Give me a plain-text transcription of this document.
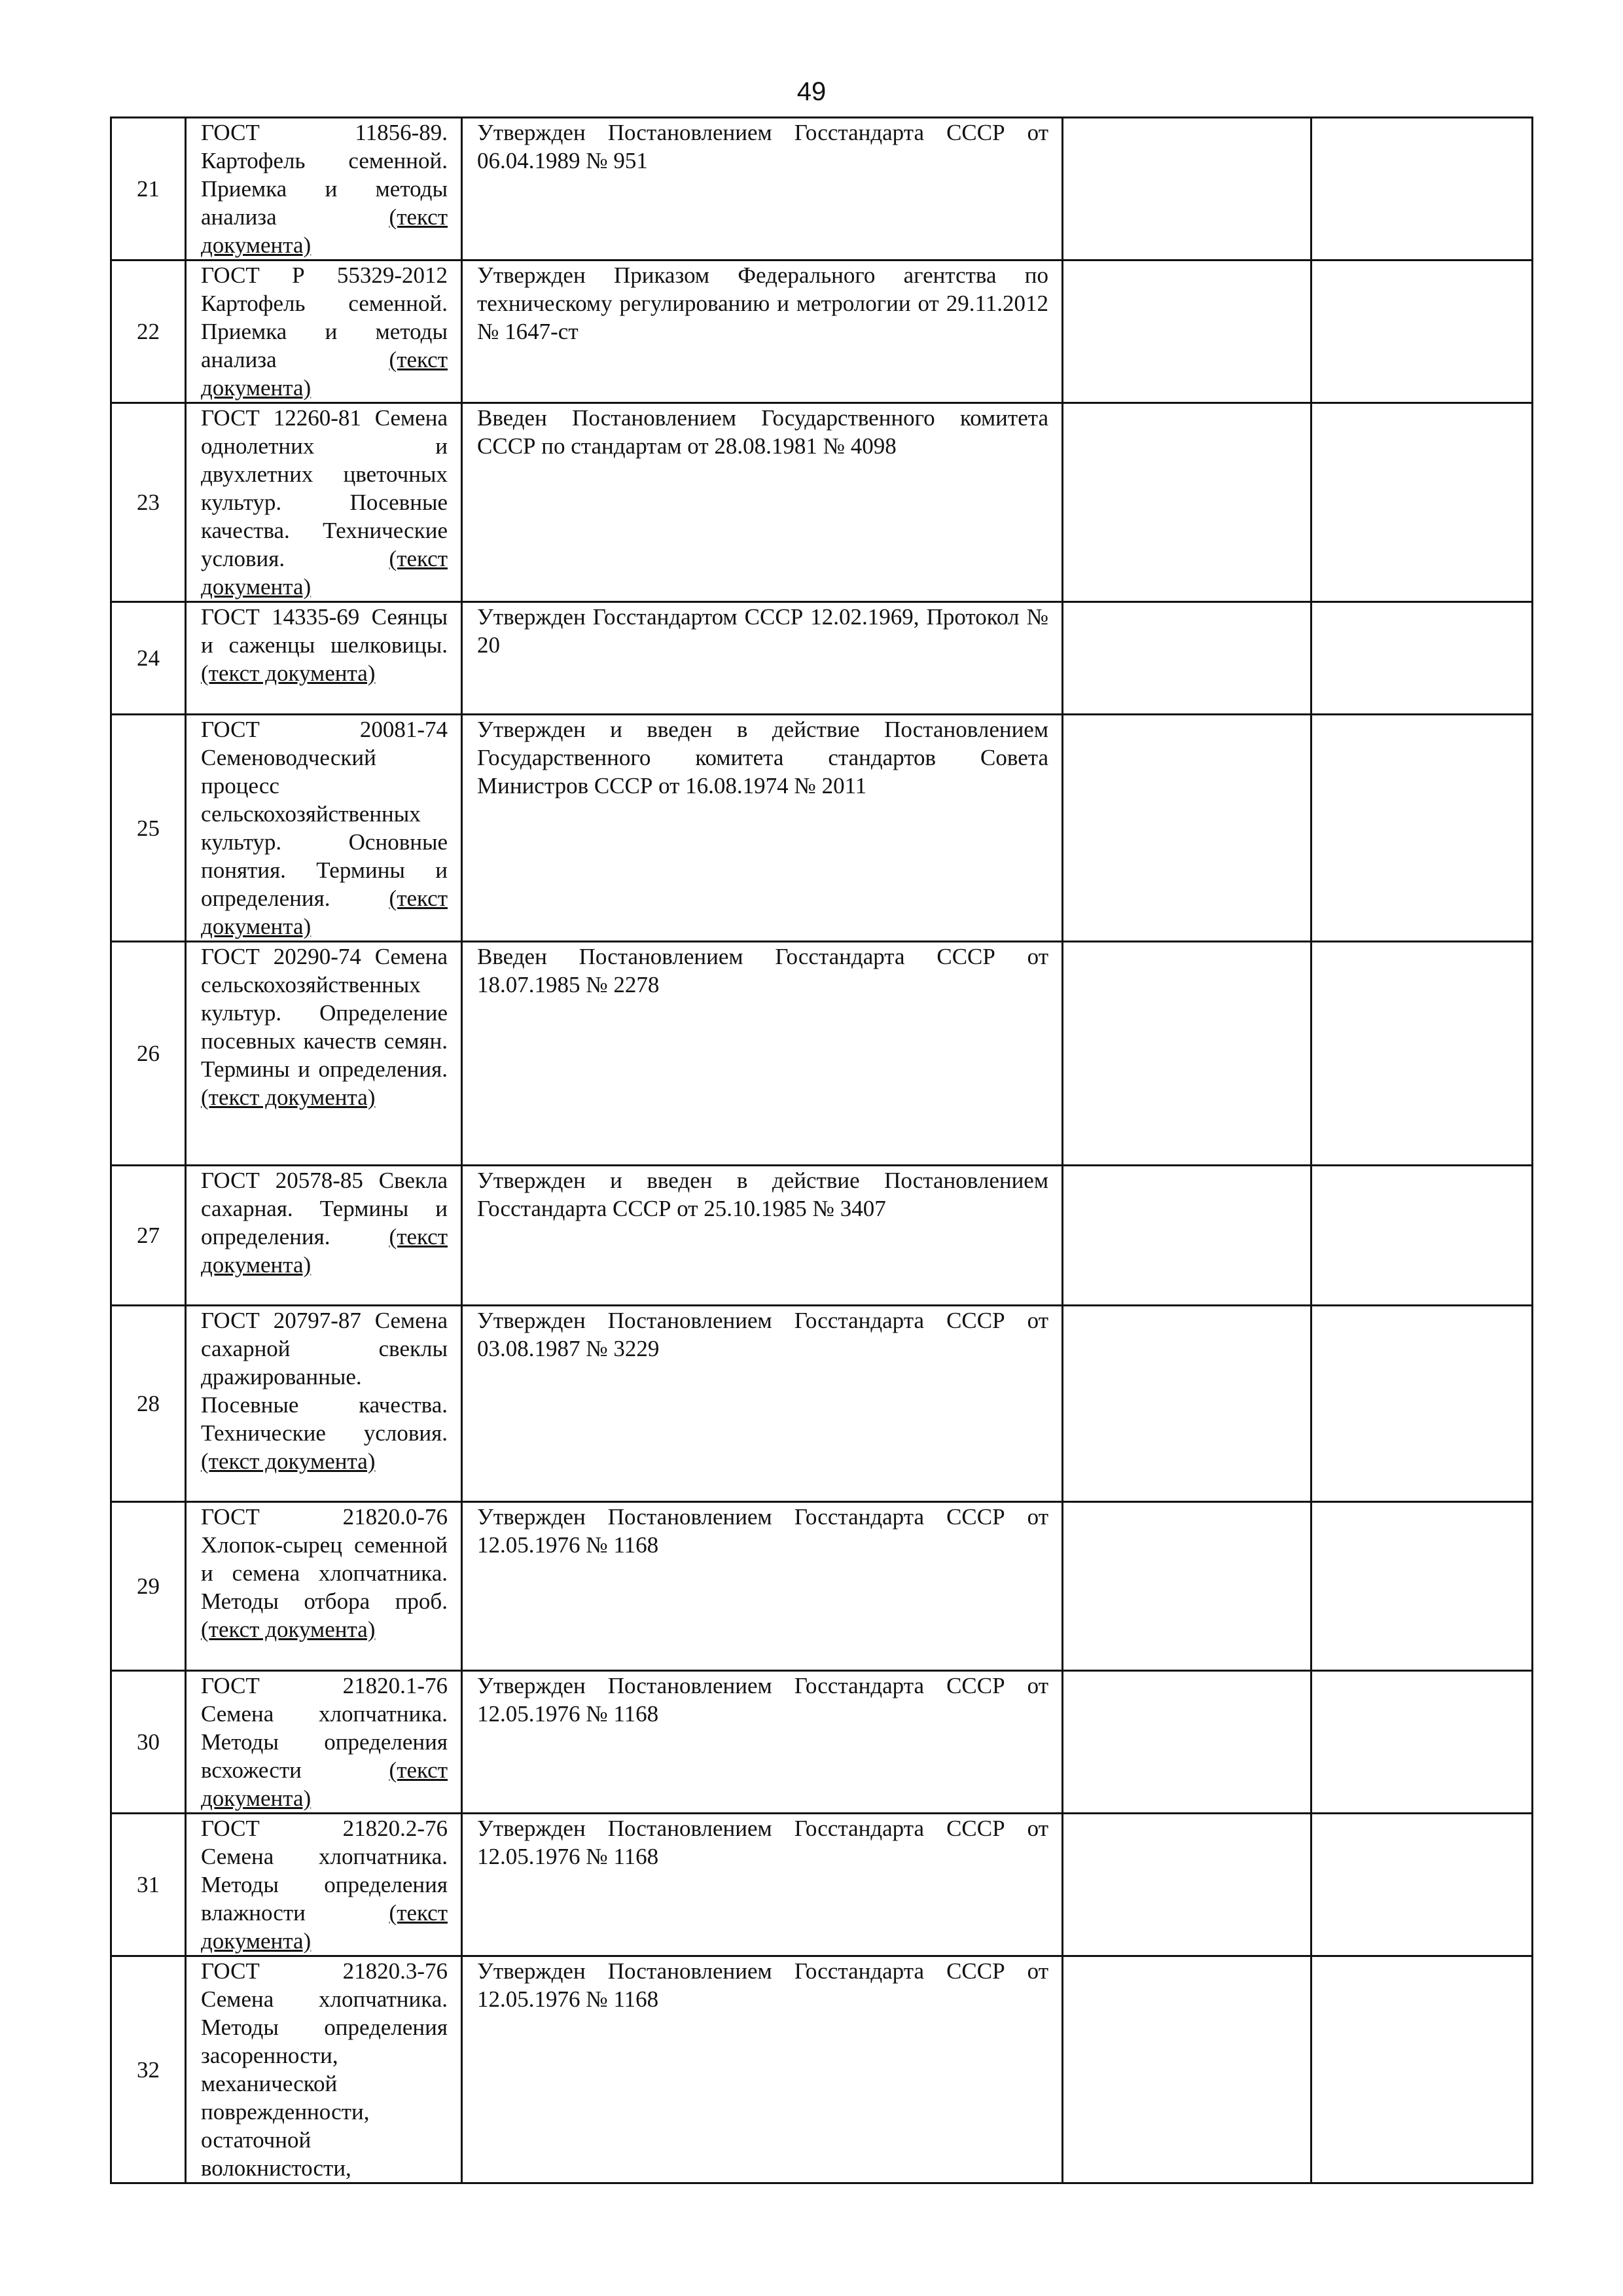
49
21	ГОСТ 11856-89. Картофель семенной. Приемка и методы анализа (текст документа)	Утвержден Постановлением Госстандарта СССР от 06.04.1989 № 951		
22	ГОСТ Р 55329-2012 Картофель семенной. Приемка и методы анализа (текст документа)	Утвержден Приказом Федерального агентства по техническому регулированию и метрологии от 29.11.2012 № 1647-ст		
23	ГОСТ 12260-81 Семена однолетних и двухлетних цветочных культур. Посевные качества. Технические условия. (текст документа)	Введен Постановлением Государственного комитета СССР по стандартам от 28.08.1981 № 4098		
24	ГОСТ 14335-69 Сеянцы и саженцы шелковицы. (текст документа)	Утвержден Госстандартом СССР 12.02.1969, Протокол № 20		
25	ГОСТ 20081-74 Семеноводческий процесс сельскохозяйственных культур. Основные понятия. Термины и определения. (текст документа)	Утвержден и введен в действие Постановлением Государственного комитета стандартов Совета Министров СССР от 16.08.1974 № 2011		
26	ГОСТ 20290-74 Семена сельскохозяйственных культур. Определение посевных качеств семян. Термины и определения. (текст документа)	Введен Постановлением Госстандарта СССР от 18.07.1985 № 2278		
27	ГОСТ 20578-85 Свекла сахарная. Термины и определения. (текст документа)	Утвержден и введен в действие Постановлением Госстандарта СССР от 25.10.1985 № 3407		
28	ГОСТ 20797-87 Семена сахарной свеклы дражированные. Посевные качества. Технические условия. (текст документа)	Утвержден Постановлением Госстандарта СССР от 03.08.1987 № 3229		
29	ГОСТ 21820.0-76 Хлопок-сырец семенной и семена хлопчатника. Методы отбора проб. (текст документа)	Утвержден Постановлением Госстандарта СССР от 12.05.1976 № 1168		
30	ГОСТ 21820.1-76 Семена хлопчатника. Методы определения всхожести (текст документа)	Утвержден Постановлением Госстандарта СССР от 12.05.1976 № 1168		
31	ГОСТ 21820.2-76 Семена хлопчатника. Методы определения влажности (текст документа)	Утвержден Постановлением Госстандарта СССР от 12.05.1976 № 1168		
32	ГОСТ 21820.3-76 Семена хлопчатника. Методы определения засоренности, механической поврежденности, остаточной волокнистости,	Утвержден Постановлением Госстандарта СССР от 12.05.1976 № 1168		
